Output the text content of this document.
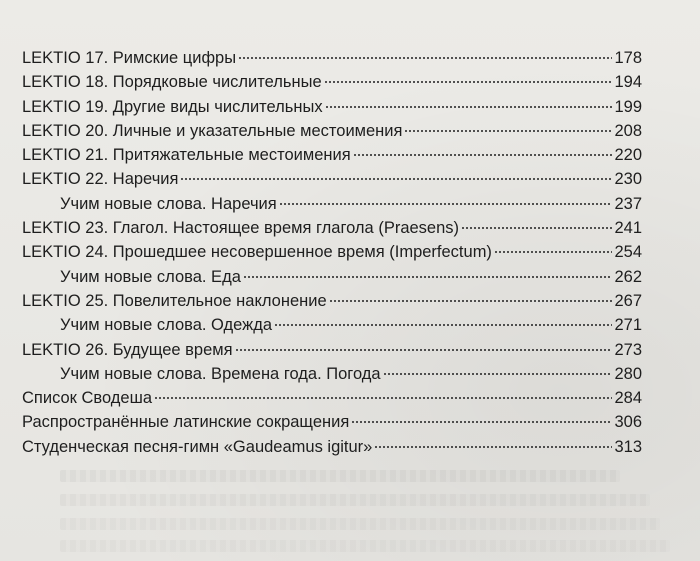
LEKTIO 17. Римские цифры	178
LEKTIO 18. Порядковые числительные	194
LEKTIO 19. Другие виды числительных	199
LEKTIO 20. Личные и указательные местоимения	208
LEKTIO 21. Притяжательные местоимения	220
LEKTIO 22. Наречия	230
Учим новые слова. Наречия	237
LEKTIO 23. Глагол. Настоящее время глагола (Praesens)	241
LEKTIO 24. Прошедшее несовершенное время (Imperfectum)	254
Учим новые слова. Еда	262
LEKTIO 25. Повелительное наклонение	267
Учим новые слова. Одежда	271
LEKTIO 26. Будущее время	273
Учим новые слова. Времена года. Погода	280
Список Сводеша	284
Распространённые латинские сокращения	306
Студенческая песня-гимн «Gaudeamus igitur»	313
